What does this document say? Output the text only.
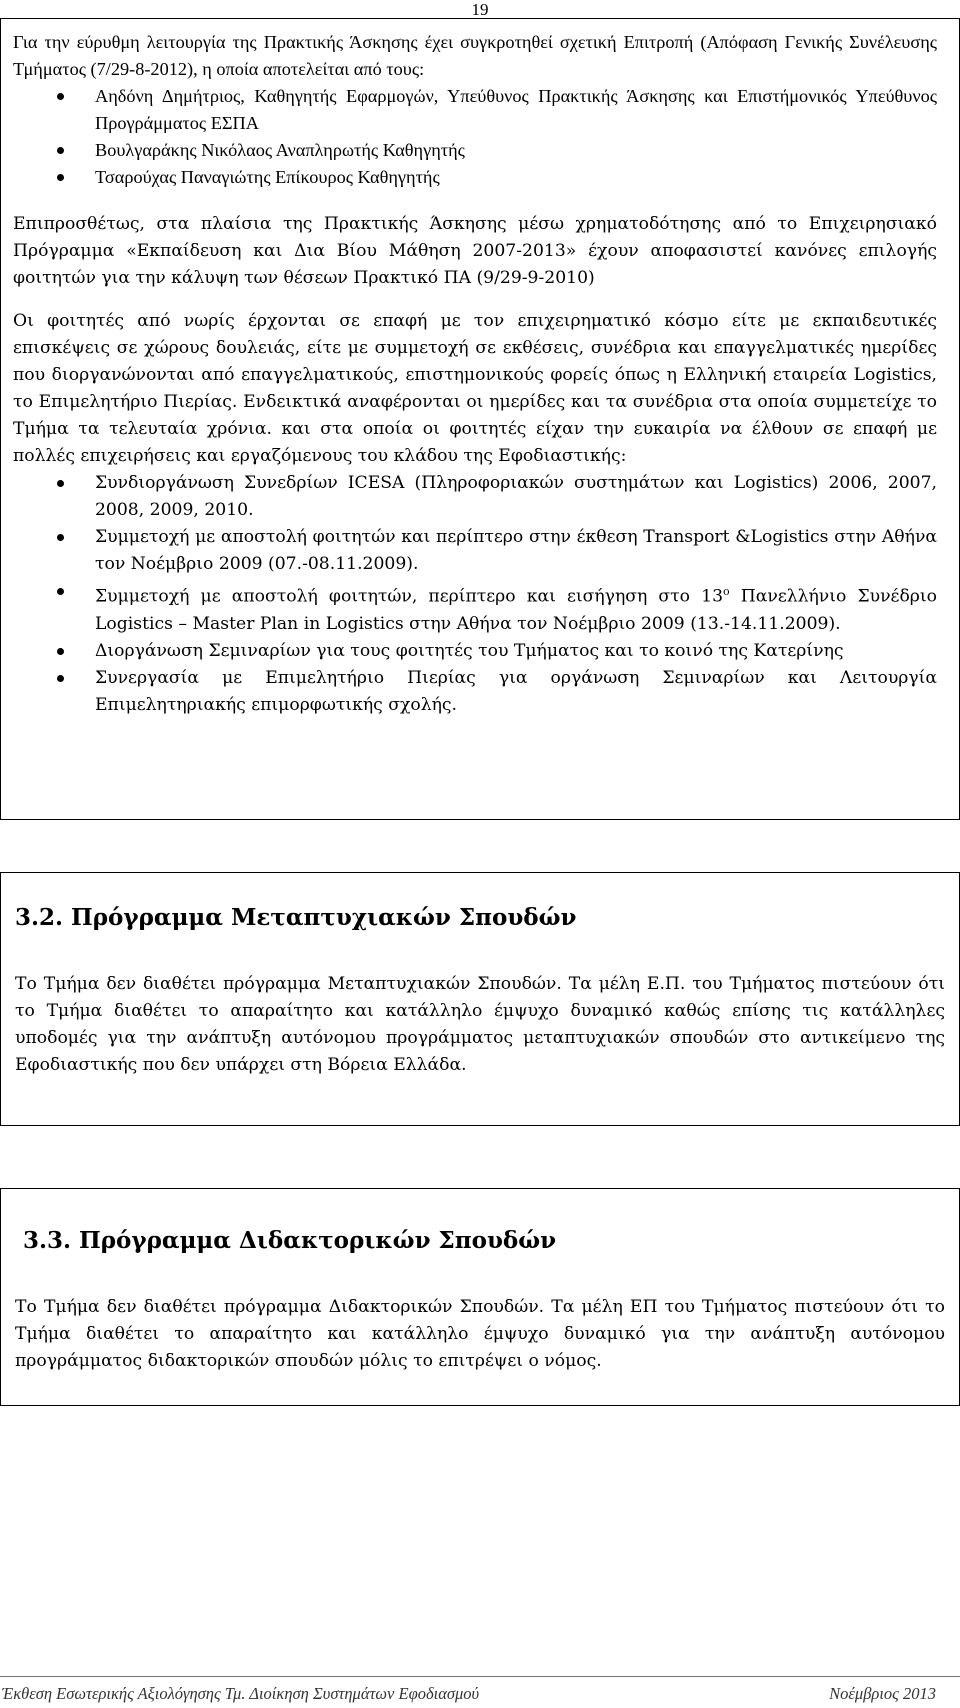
19

Για την εύρυθμη λειτουργία της Πρακτικής Άσκησης έχει συγκροτηθεί σχετική Επιτροπή (Απόφαση Γενικής Συνέλευσης Τμήματος (7/29-8-2012), η οποία αποτελείται από τους:

Αηδόνη Δημήτριος, Καθηγητής Εφαρμογών, Υπεύθυνος Πρακτικής Άσκησης και Επιστήμονικός Υπεύθυνος Προγράμματος ΕΣΠΑ
Βουλγαράκης Νικόλαος Αναπληρωτής Καθηγητής
Τσαρούχας Παναγιώτης Επίκουρος Καθηγητής

Επιπροσθέτως, στα πλαίσια της Πρακτικής Άσκησης μέσω χρηματοδότησης από το Επιχειρησιακό Πρόγραμμα «Εκπαίδευση και Δια Βίου Μάθηση 2007-2013» έχουν αποφασιστεί κανόνες επιλογής φοιτητών για την κάλυψη των θέσεων Πρακτικό ΠΑ (9/29-9-2010)

Οι φοιτητές από νωρίς έρχονται σε επαφή με τον επιχειρηματικό κόσμο είτε με εκπαιδευτικές επισκέψεις σε χώρους δουλειάς, είτε με συμμετοχή σε εκθέσεις, συνέδρια και επαγγελματικές ημερίδες που διοργανώνονται από επαγγελματικούς, επιστημονικούς φορείς όπως η Ελληνική εταιρεία Logistics, το Επιμελητήριο Πιερίας. Ενδεικτικά αναφέρονται οι ημερίδες και τα συνέδρια στα οποία συμμετείχε το Τμήμα τα τελευταία χρόνια. και στα οποία οι φοιτητές είχαν την ευκαιρία να έλθουν σε επαφή με πολλές επιχειρήσεις και εργαζόμενους του κλάδου της Εφοδιαστικής:

Συνδιοργάνωση Συνεδρίων ICESA (Πληροφοριακών συστημάτων και Logistics) 2006, 2007, 2008, 2009, 2010.
Συμμετοχή με αποστολή φοιτητών και περίπτερο στην έκθεση Transport &Logistics στην Αθήνα τον Νοέμβριο 2009 (07.-08.11.2009).
Συμμετοχή με αποστολή φοιτητών, περίπτερο και εισήγηση στο $13^o$ Πανελλήνιο Συνέδριο Logistics – Master Plan in Logistics στην Αθήνα τον Νοέμβριο 2009 (13.-14.11.2009).
Διοργάνωση Σεμιναρίων για τους φοιτητές του Τμήματος και το κοινό της Κατερίνης
Συνεργασία με Επιμελητήριο Πιερίας για οργάνωση Σεμιναρίων και Λειτουργία Επιμελητηριακής επιμορφωτικής σχολής.
3.2. Πρόγραμμα Μεταπτυχιακών Σπουδών

Το Τμήμα δεν διαθέτει πρόγραμμα Μεταπτυχιακών Σπουδών. Τα μέλη Ε.Π. του Τμήματος πιστεύουν ότι το Τμήμα διαθέτει το απαραίτητο και κατάλληλο έμψυχο δυναμικό καθώς επίσης τις κατάλληλες υποδομές για την ανάπτυξη αυτόνομου προγράμματος μεταπτυχιακών σπουδών στο αντικείμενο της Εφοδιαστικής που δεν υπάρχει στη Βόρεια Ελλάδα.

3.3. Πρόγραμμα Διδακτορικών Σπουδών

Το Τμήμα δεν διαθέτει πρόγραμμα Διδακτορικών Σπουδών. Τα μέλη ΕΠ του Τμήματος πιστεύουν ότι το Τμήμα διαθέτει το απαραίτητο και κατάλληλο έμψυχο δυναμικό για την ανάπτυξη αυτόνομου προγράμματος διδακτορικών σπουδών μόλις το επιτρέψει ο νόμος.

Έκθεση Εσωτερικής Αξιολόγησης Τμ. Διοίκηση Συστημάτων Εφοδιασμού	Νοέμβριος 2013
